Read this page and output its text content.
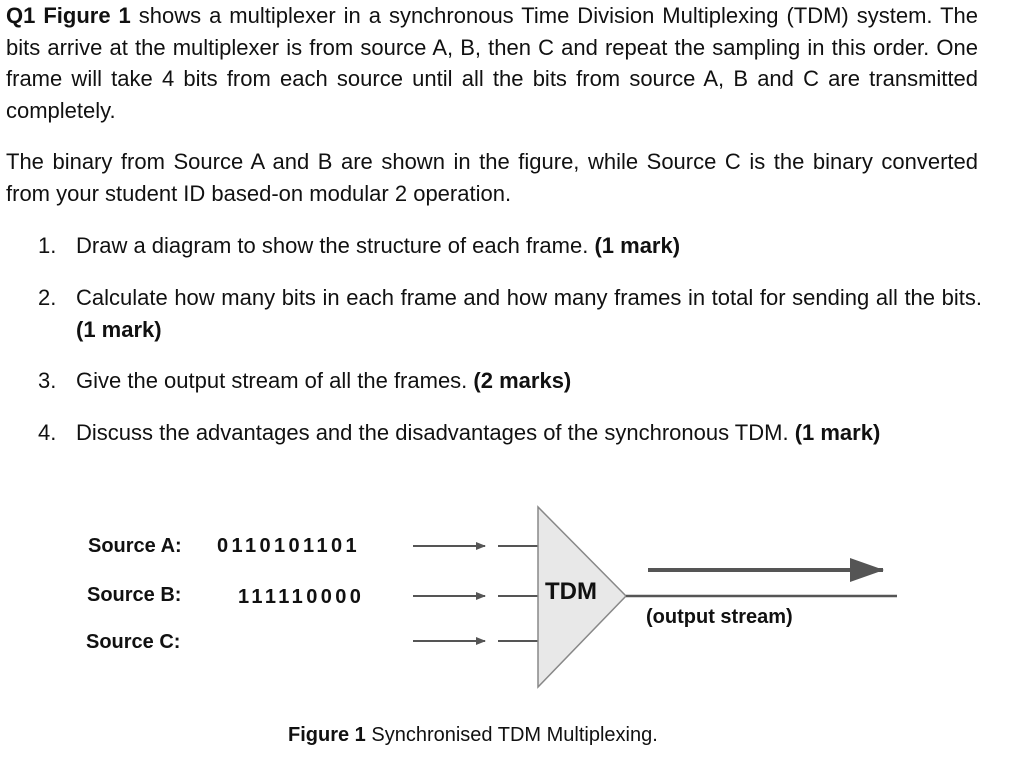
Q1 Figure 1 shows a multiplexer in a synchronous Time Division Multiplexing (TDM) system. The bits arrive at the multiplexer is from source A, B, then C and repeat the sampling in this order. One frame will take 4 bits from each source until all the bits from source A, B and C are transmitted completely.

The binary from Source A and B are shown in the figure, while Source C is the binary converted from your student ID based-on modular 2 operation.

1. Draw a diagram to show the structure of each frame. (1 mark)
2. Calculate how many bits in each frame and how many frames in total for sending all the bits. (1 mark)
3. Give the output stream of all the frames. (2 marks)
4. Discuss the advantages and the disadvantages of the synchronous TDM. (1 mark)
Source A: 0110101101
Source B:	111110000
Source C:
TDM
(output stream)
Figure 1 Synchronised TDM Multiplexing.
